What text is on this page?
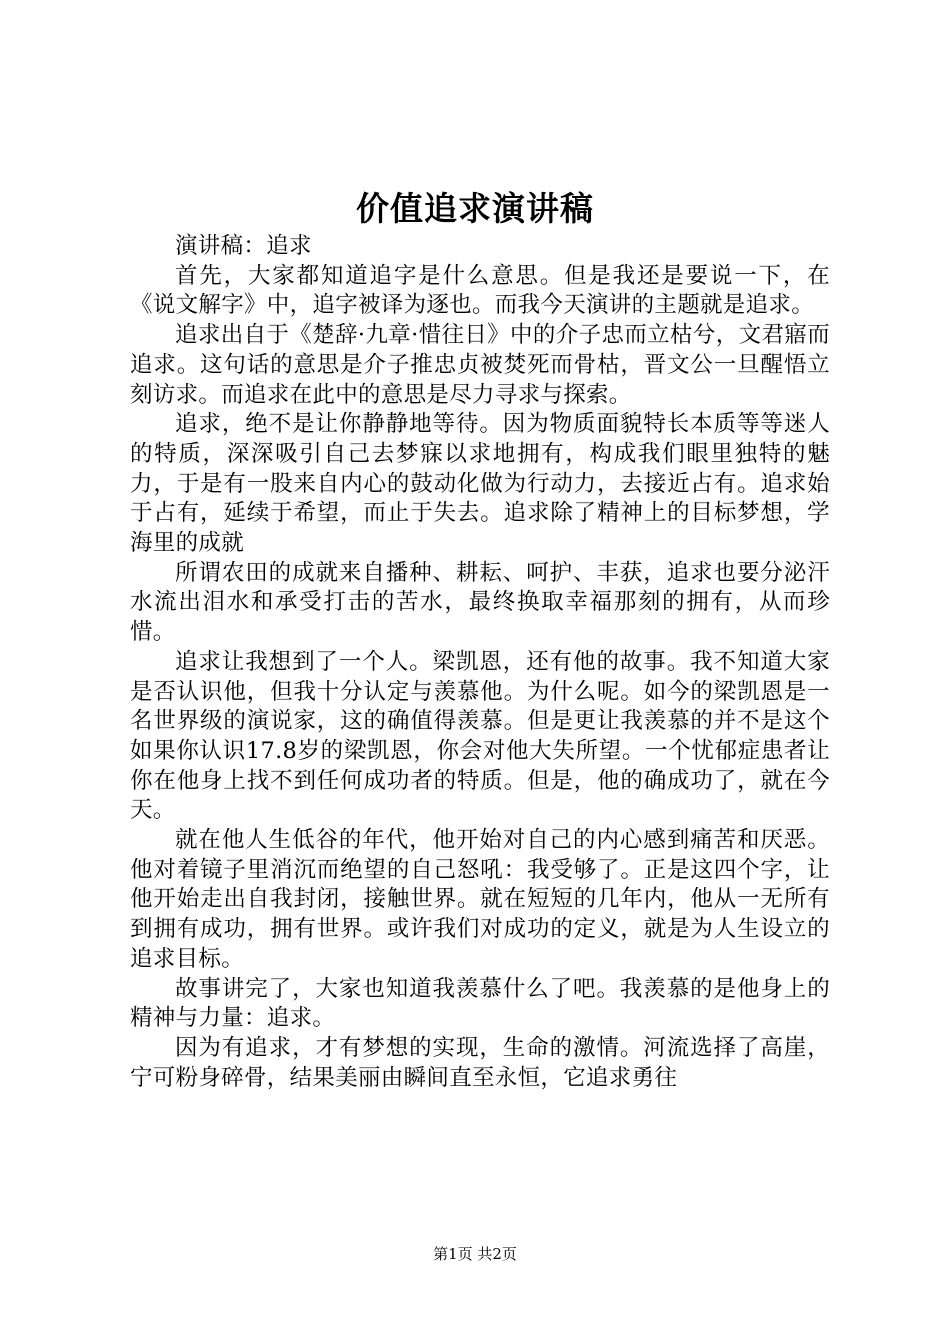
价值追求演讲稿

演讲稿：追求

首先，大家都知道追字是什么意思。但是我还是要说一下，在《说文解字》中，追字被译为逐也。而我今天演讲的主题就是追求。

追求出自于《楚辞·九章·惜往日》中的介子忠而立枯兮，文君寤而追求。这句话的意思是介子推忠贞被焚死而骨枯，晋文公一旦醒悟立刻访求。而追求在此中的意思是尽力寻求与探索。

追求，绝不是让你静静地等待。因为物质面貌特长本质等等迷人的特质，深深吸引自己去梦寐以求地拥有，构成我们眼里独特的魅力，于是有一股来自内心的鼓动化做为行动力，去接近占有。追求始于占有，延续于希望，而止于失去。追求除了精神上的目标梦想，学海里的成就

所谓农田的成就来自播种、耕耘、呵护、丰获，追求也要分泌汗水流出泪水和承受打击的苦水，最终换取幸福那刻的拥有，从而珍惜。

追求让我想到了一个人。梁凯恩，还有他的故事。我不知道大家是否认识他，但我十分认定与羡慕他。为什么呢。如今的梁凯恩是一名世界级的演说家，这的确值得羡慕。但是更让我羡慕的并不是这个如果你认识17.8岁的梁凯恩，你会对他大失所望。一个忧郁症患者让你在他身上找不到任何成功者的特质。但是，他的确成功了，就在今天。

就在他人生低谷的年代，他开始对自己的内心感到痛苦和厌恶。他对着镜子里消沉而绝望的自己怒吼：我受够了。正是这四个字，让他开始走出自我封闭，接触世界。就在短短的几年内，他从一无所有到拥有成功，拥有世界。或许我们对成功的定义，就是为人生设立的追求目标。

故事讲完了，大家也知道我羡慕什么了吧。我羡慕的是他身上的精神与力量：追求。

因为有追求，才有梦想的实现，生命的激情。河流选择了高崖，宁可粉身碎骨，结果美丽由瞬间直至永恒，它追求勇往

第1页 共2页
